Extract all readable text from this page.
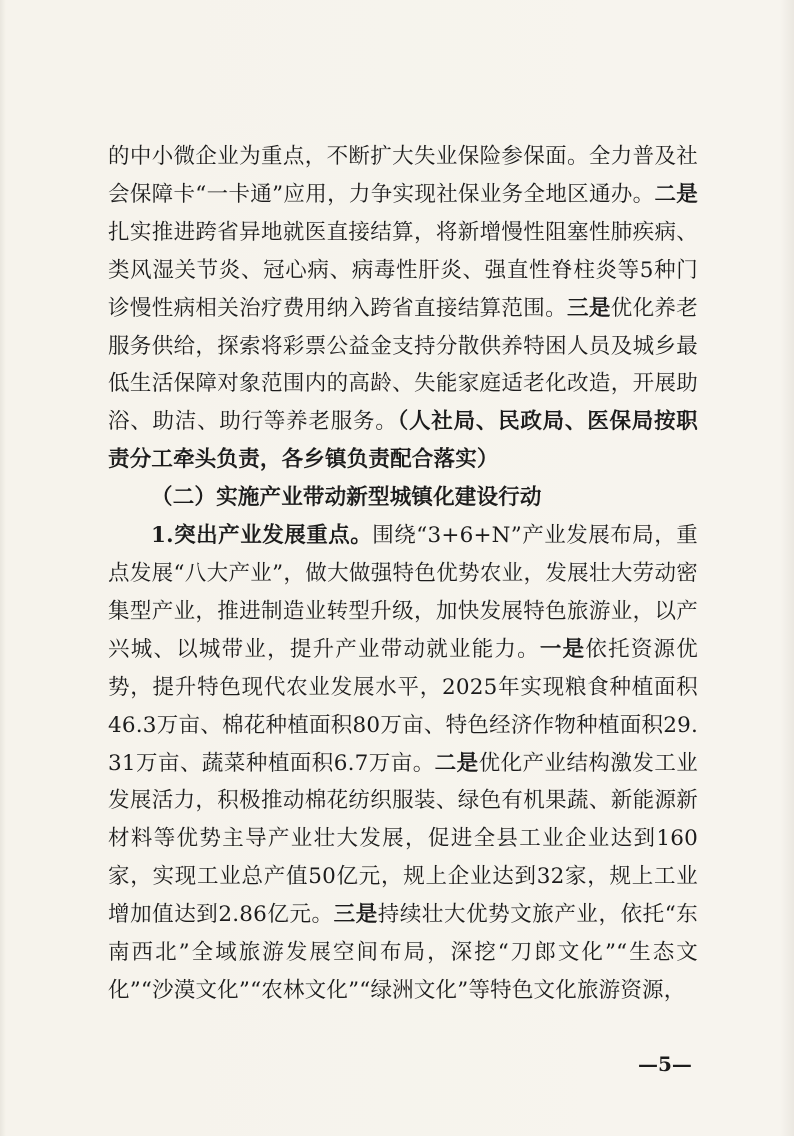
的中小微企业为重点，不断扩大失业保险参保面。全力普及社会保障卡“一卡通”应用，力争实现社保业务全地区通办。二是扎实推进跨省异地就医直接结算，将新增慢性阻塞性肺疾病、类风湿关节炎、冠心病、病毒性肝炎、强直性脊柱炎等5种门诊慢性病相关治疗费用纳入跨省直接结算范围。三是优化养老服务供给，探索将彩票公益金支持分散供养特困人员及城乡最低生活保障对象范围内的高龄、失能家庭适老化改造，开展助浴、助洁、助行等养老服务。（人社局、民政局、医保局按职责分工牵头负责，各乡镇负责配合落实）

（二）实施产业带动新型城镇化建设行动

1.突出产业发展重点。围绕“3+6+N”产业发展布局，重点发展“八大产业”，做大做强特色优势农业，发展壮大劳动密集型产业，推进制造业转型升级，加快发展特色旅游业，以产兴城、以城带业，提升产业带动就业能力。一是依托资源优势，提升特色现代农业发展水平，2025年实现粮食种植面积46.3万亩、棉花种植面积80万亩、特色经济作物种植面积29.31万亩、蔬菜种植面积6.7万亩。二是优化产业结构激发工业发展活力，积极推动棉花纺织服装、绿色有机果蔬、新能源新材料等优势主导产业壮大发展，促进全县工业企业达到160家，实现工业总产值50亿元，规上企业达到32家，规上工业增加值达到2.86亿元。三是持续壮大优势文旅产业，依托“东南西北”全域旅游发展空间布局，深挖“刀郎文化”“生态文化”“沙漠文化”“农林文化”“绿洲文化”等特色文化旅游资源，

—5—
